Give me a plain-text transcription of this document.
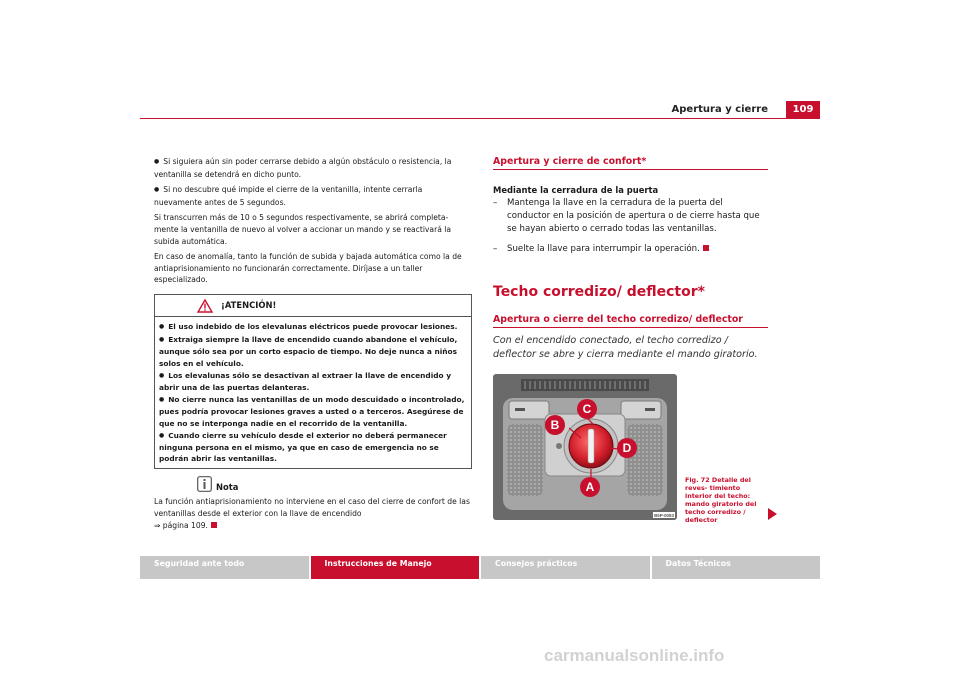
Apertura y cierre	109

● Si siguiera aún sin poder cerrarse debido a algún obstáculo o resistencia, la ventanilla se detendrá en dicho punto.

● Si no descubre qué impide el cierre de la ventanilla, intente cerrarla nuevamente antes de 5 segundos.

Si transcurren más de 10 o 5 segundos respectivamente, se abrirá completa- mente la ventanilla de nuevo al volver a accionar un mando y se reactivará la subida automática.

En caso de anomalía, tanto la función de subida y bajada automática como la de antiaprisionamiento no funcionarán correctamente. Diríjase a un taller especializado.

¡ATENCIÓN!

● El uso indebido de los elevalunas eléctricos puede provocar lesiones.

● Extraiga siempre la llave de encendido cuando abandone el vehículo, aunque sólo sea por un corto espacio de tiempo. No deje nunca a niños solos en el vehículo.

● Los elevalunas sólo se desactivan al extraer la llave de encendido y abrir una de las puertas delanteras.

● No cierre nunca las ventanillas de un modo descuidado o incontrolado, pues podría provocar lesiones graves a usted o a terceros. Asegúrese de que no se interponga nadie en el recorrido de la ventanilla.

● Cuando cierre su vehículo desde el exterior no deberá permanecer ninguna persona en el mismo, ya que en caso de emergencia no se podrán abrir las ventanillas.

Nota
La función antiaprisionamiento no interviene en el caso del cierre de confort de las ventanillas desde el exterior con la llave de encendido
⇒ página 109.
Apertura y cierre de confort*
Mediante la cerradura de la puerta
– Mantenga la llave en la cerradura de la puerta del conductor en la posición de apertura o de cierre hasta que se hayan abierto o cerrado todas las ventanillas.
– Suelte la llave para interrumpir la operación.
Techo corredizo/ deflector*
Apertura o cierre del techo corredizo/ deflector
Con el encendido conectado, el techo corredizo / deflector se abre y cierra mediante el mando giratorio.
B5P-0083
A
B
C
D
Fig. 72 Detalle del reves- timiento interior del techo: mando giratorio del techo corredizo / deflector
Seguridad ante todo	Instrucciones de Manejo	Consejos prácticos	Datos Técnicos
carmanualsonline.info
